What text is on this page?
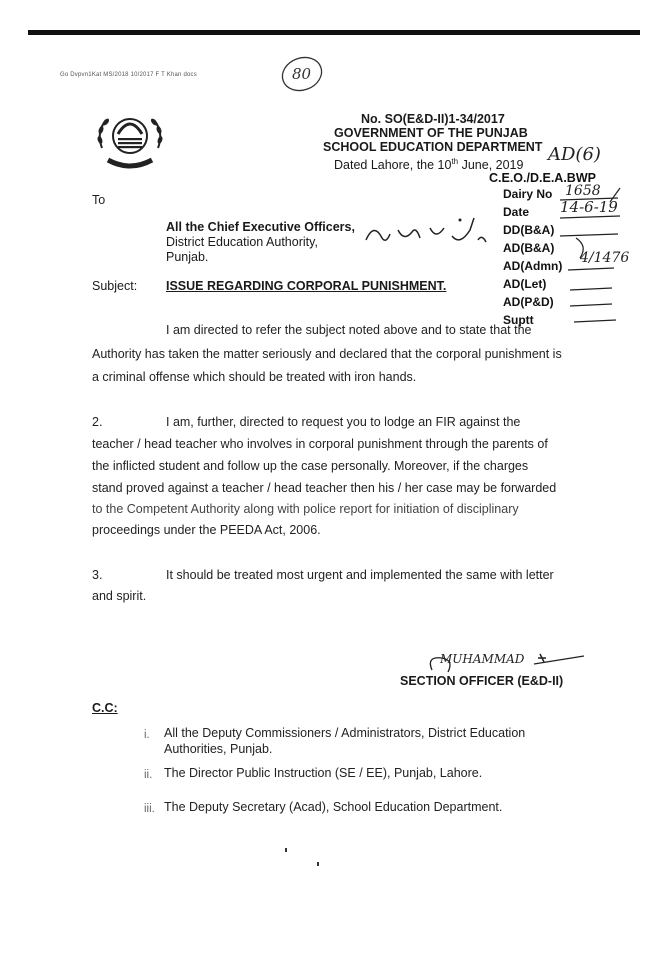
Go Dvpvn1Kat MS/2018 10/2017 F T Khan docs	80
No. SO(E&D-II)1-34/2017
GOVERNMENT OF THE PUNJAB
SCHOOL EDUCATION DEPARTMENT
Dated Lahore, the 10th June, 2019
AD(6)
C.E.O./D.E.A.BWP
Dairy No 1658
Date 14-6-19
DD(B&A)
AD(B&A)
AD(Admn) 4/1476
AD(Let)
AD(P&D)
Suptt
To
All the Chief Executive Officers,
District Education Authority,
Punjab.
Subject: ISSUE REGARDING CORPORAL PUNISHMENT.
I am directed to refer the subject noted above and to state that the
Authority has taken the matter seriously and declared that the corporal punishment is
a criminal offense which should be treated with iron hands.
2.	I am, further, directed to request you to lodge an FIR against the
teacher / head teacher who involves in corporal punishment through the parents of
the inflicted student and follow up the case personally. Moreover, if the charges
stand proved against a teacher / head teacher then his / her case may be forwarded
to the Competent Authority along with police report for initiation of disciplinary
proceedings under the PEEDA Act, 2006.
3.	It should be treated most urgent and implemented the same with letter
and spirit.
MUHAMMAD
SECTION OFFICER (E&D-II)
C.C:
i. All the Deputy Commissioners / Administrators, District Education
Authorities, Punjab.
ii. The Director Public Instruction (SE / EE), Punjab, Lahore.
iii. The Deputy Secretary (Acad), School Education Department.
